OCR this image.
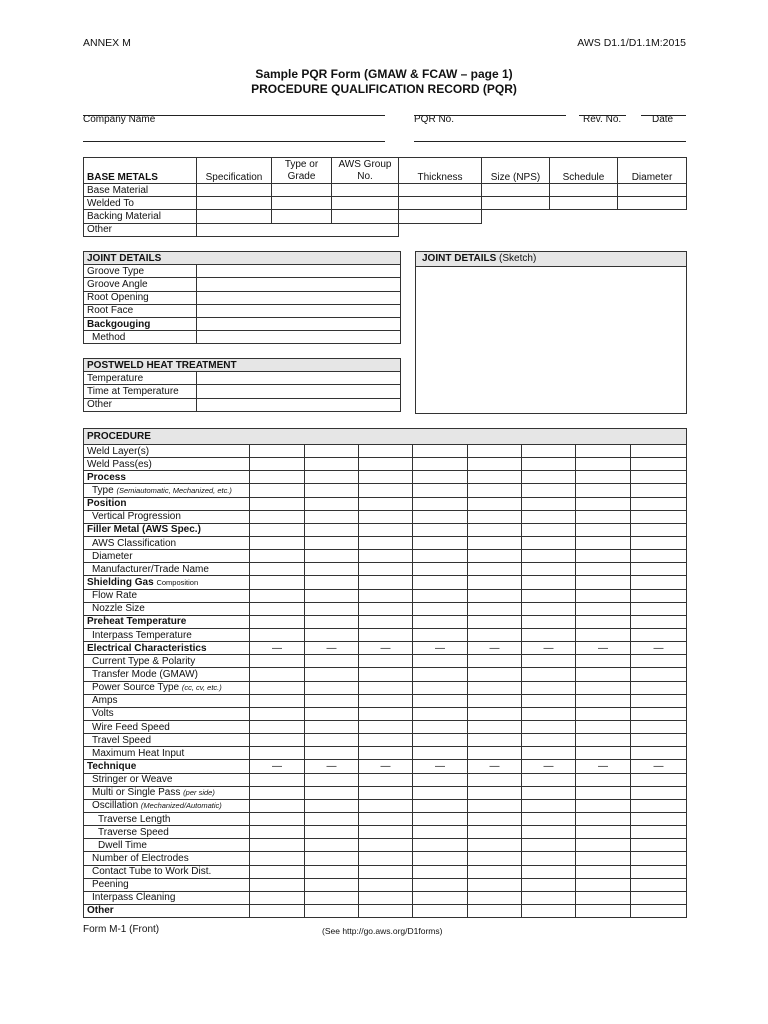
ANNEX M	AWS D1.1/D1.1M:2015
Sample PQR Form (GMAW & FCAW – page 1)
PROCEDURE QUALIFICATION RECORD (PQR)
Company Name	PQR No.	Rev. No.	Date
BASE METALS	Specification	Type or Grade	AWS Group No.	Thickness	Size (NPS)	Schedule	Diameter
Base Material							
Welded To							
Backing Material							
Other							
JOINT DETAILS	
Groove Type	
Groove Angle	
Root Opening	
Root Face	
Backgouging	
Method	
JOINT DETAILS (Sketch)
POSTWELD HEAT TREATMENT	
Temperature	
Time at Temperature	
Other	
PROCEDURE								
Weld Layer(s)								
Weld Pass(es)								
Process								
Type (Semiautomatic, Mechanized, etc.)								
Position								
Vertical Progression								
Filler Metal (AWS Spec.)								
AWS Classification								
Diameter								
Manufacturer/Trade Name								
Shielding Gas Composition								
Flow Rate								
Nozzle Size								
Preheat Temperature								
Interpass Temperature								
Electrical Characteristics	—	—	—	—	—	—	—	—
Current Type & Polarity								
Transfer Mode (GMAW)								
Power Source Type (cc, cv, etc.)								
Amps								
Volts								
Wire Feed Speed								
Travel Speed								
Maximum Heat Input								
Technique	—	—	—	—	—	—	—	—
Stringer or Weave								
Multi or Single Pass (per side)								
Oscillation (Mechanized/Automatic)								
Traverse Length								
Traverse Speed								
Dwell Time								
Number of Electrodes								
Contact Tube to Work Dist.								
Peening								
Interpass Cleaning								
Other								
Form M-1 (Front)	(See http://go.aws.org/D1forms)
